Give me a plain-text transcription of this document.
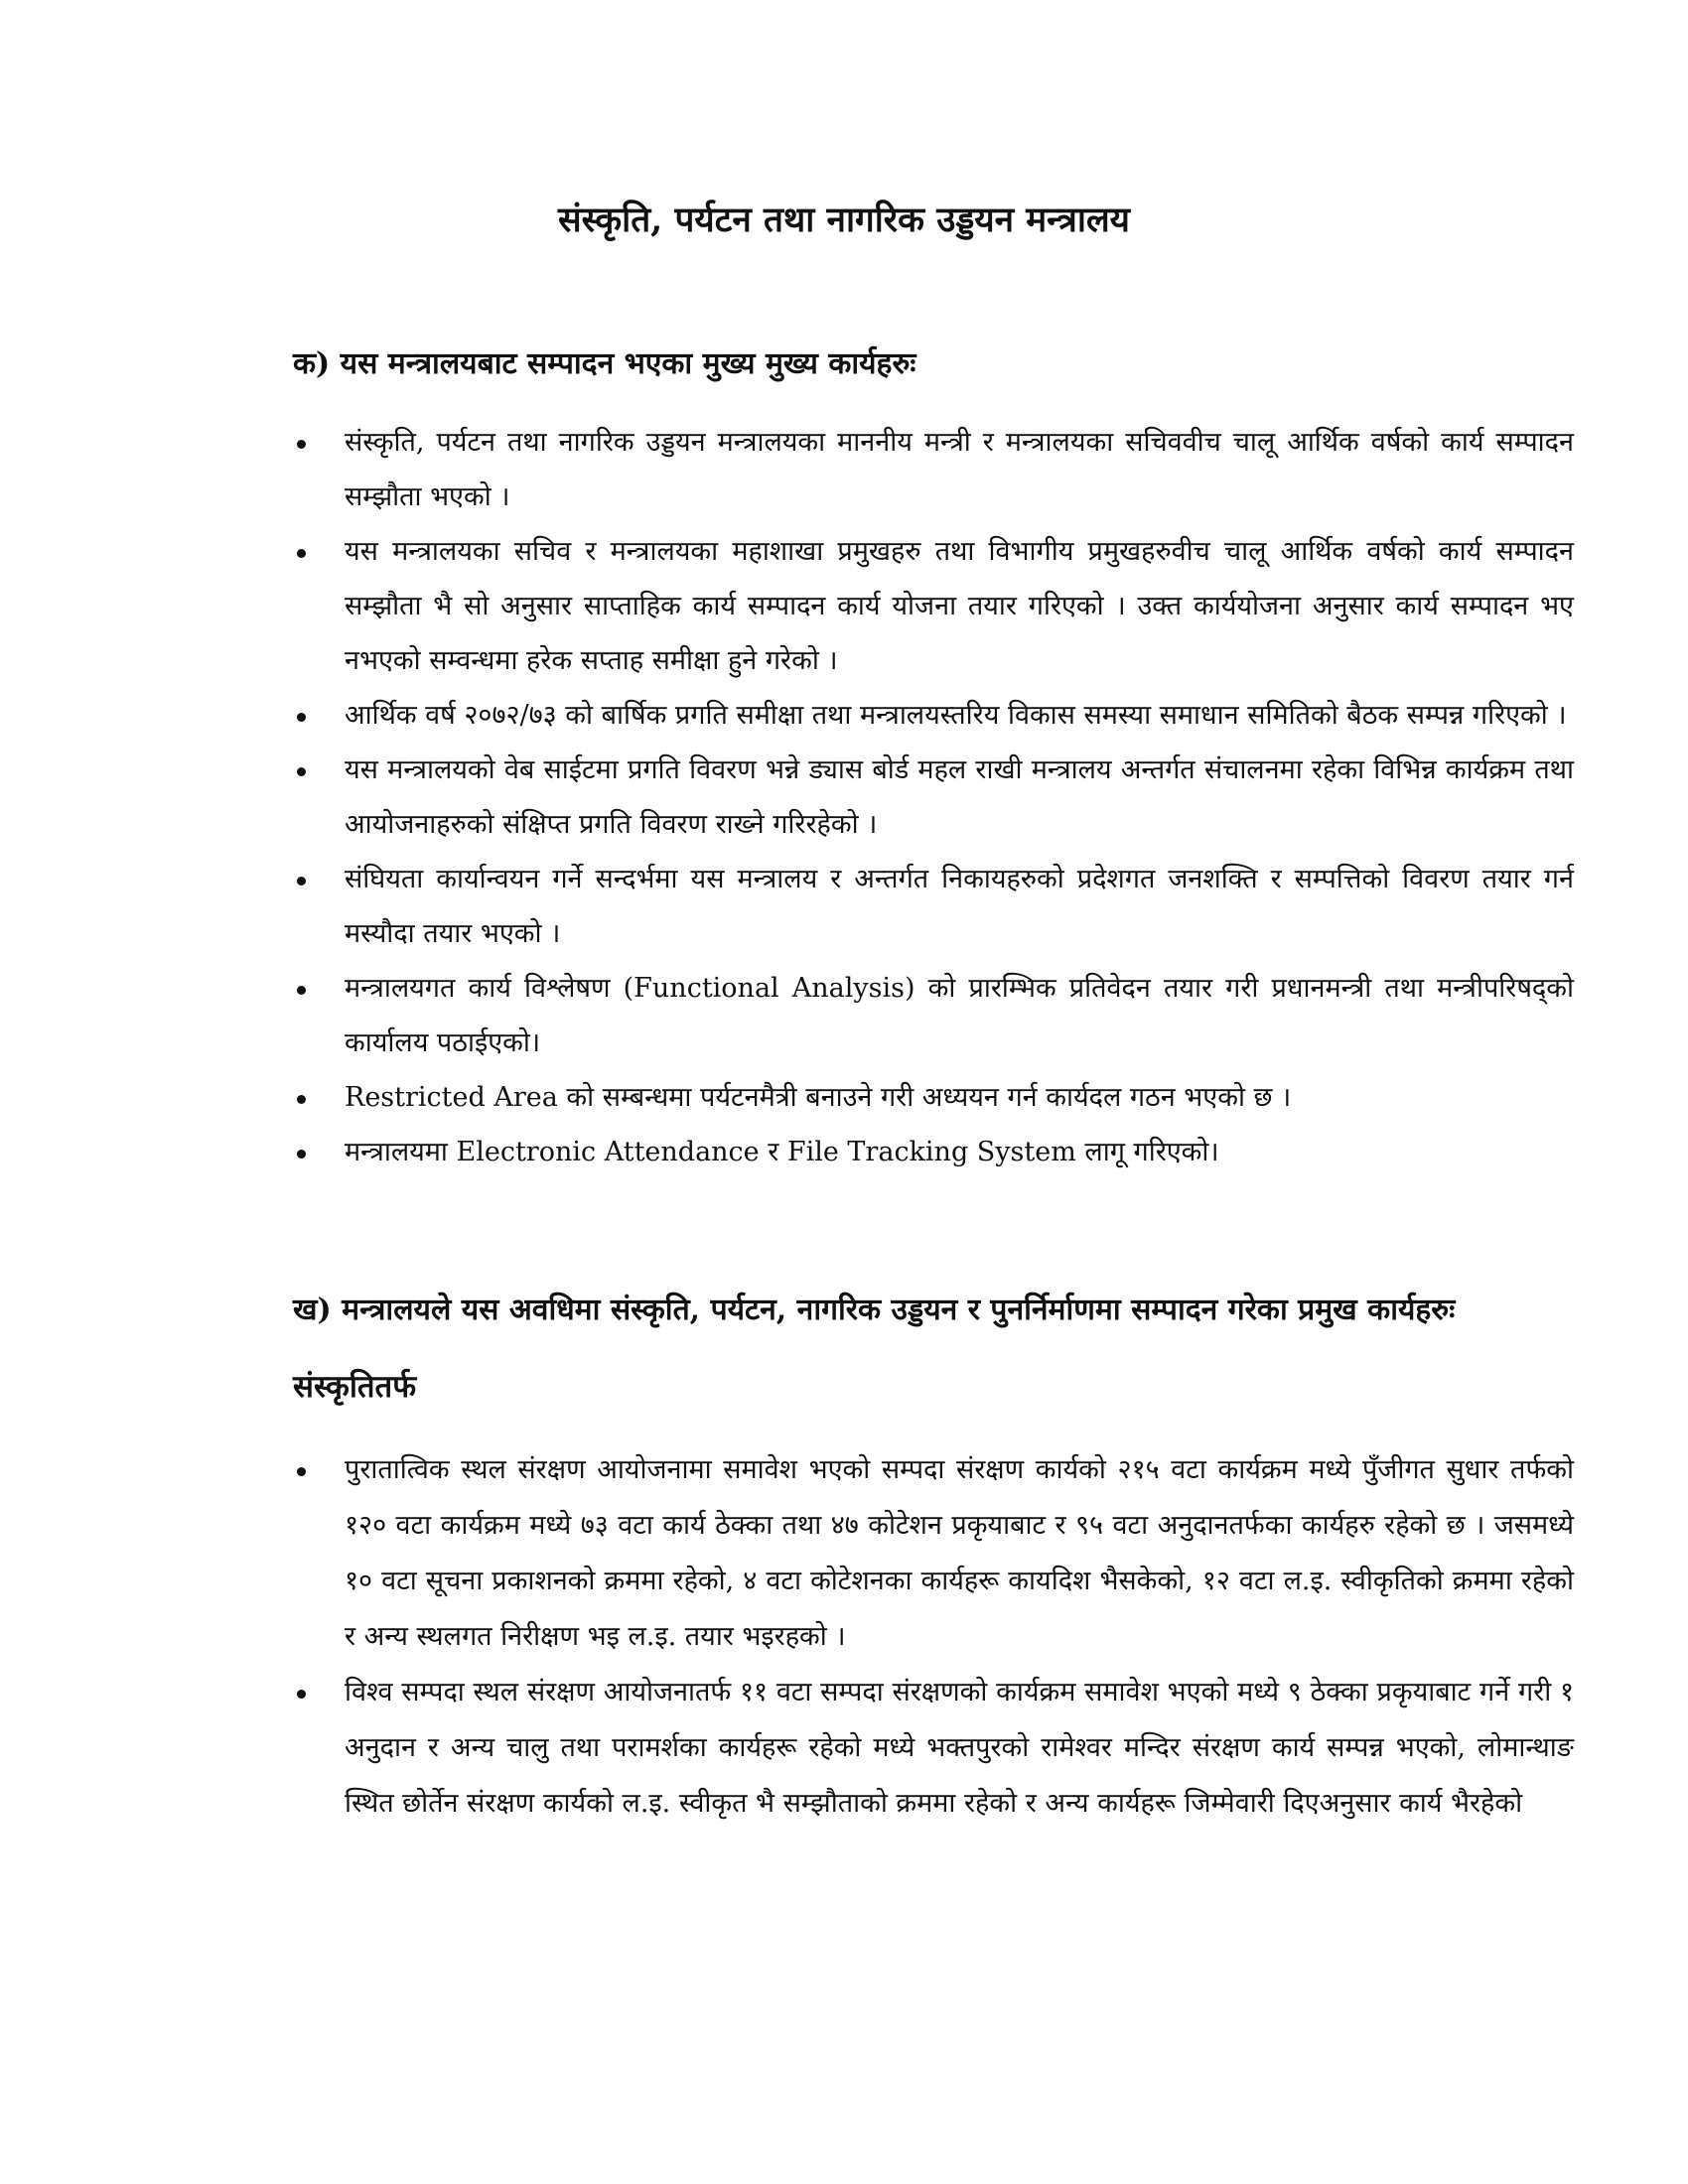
संस्कृति, पर्यटन तथा नागरिक उड्डयन मन्त्रालय
क) यस मन्त्रालयबाट सम्पादन भएका मुख्य मुख्य कार्यहरुः
संस्कृति, पर्यटन तथा नागरिक उड्डयन मन्त्रालयका माननीय मन्त्री र मन्त्रालयका सचिववीच चालू आर्थिक वर्षको कार्य सम्पादन सम्झौता भएको ।
यस मन्त्रालयका सचिव र मन्त्रालयका महाशाखा प्रमुखहरु तथा विभागीय प्रमुखहरुवीच चालू आर्थिक वर्षको कार्य सम्पादन सम्झौता भै सो अनुसार साप्ताहिक कार्य सम्पादन कार्य योजना तयार गरिएको । उक्त कार्ययोजना अनुसार कार्य सम्पादन भए नभएको सम्वन्धमा हरेक सप्ताह समीक्षा हुने गरेको ।
आर्थिक वर्ष २०७२/७३ को बार्षिक प्रगति समीक्षा तथा मन्त्रालयस्तरिय विकास समस्या समाधान समितिको बैठक सम्पन्न गरिएको ।
यस मन्त्रालयको वेब साईटमा प्रगति विवरण भन्ने ड्यास बोर्ड महल राखी मन्त्रालय अन्तर्गत संचालनमा रहेका विभिन्न कार्यक्रम तथा आयोजनाहरुको संक्षिप्त प्रगति विवरण राख्ने गरिरहेको ।
संघियता कार्यान्वयन गर्ने सन्दर्भमा यस मन्त्रालय र अन्तर्गत निकायहरुको प्रदेशगत जनशक्ति र सम्पत्तिको विवरण तयार गर्न मस्यौदा तयार भएको ।
मन्त्रालयगत कार्य विश्लेषण (Functional Analysis) को प्रारम्भिक प्रतिवेदन तयार गरी प्रधानमन्त्री तथा मन्त्रीपरिषद्को कार्यालय पठाईएको।
Restricted Area को सम्बन्धमा पर्यटनमैत्री बनाउने गरी अध्ययन गर्न कार्यदल गठन भएको छ ।
मन्त्रालयमा Electronic Attendance र File Tracking System लागू गरिएको।
ख) मन्त्रालयले यस अवधिमा संस्कृति, पर्यटन, नागरिक उड्डयन र पुनर्निर्माणमा सम्पादन गरेका प्रमुख कार्यहरुः
संस्कृतितर्फ
पुरातात्विक स्थल संरक्षण आयोजनामा समावेश भएको सम्पदा संरक्षण कार्यको २१५ वटा कार्यक्रम मध्ये पुँजीगत सुधार तर्फको १२० वटा कार्यक्रम मध्ये ७३ वटा कार्य ठेक्का तथा ४७ कोटेशन प्रकृयाबाट र ९५ वटा अनुदानतर्फका कार्यहरु रहेको छ । जसमध्ये १० वटा सूचना प्रकाशनको क्रममा रहेको, ४ वटा कोटेशनका कार्यहरू कायदिश भैसकेको, १२ वटा ल.इ. स्वीकृतिको क्रममा रहेको र अन्य स्थलगत निरीक्षण भइ ल.इ. तयार भइरहको ।
विश्व सम्पदा स्थल संरक्षण आयोजनातर्फ ११ वटा सम्पदा संरक्षणको कार्यक्रम समावेश भएको मध्ये ९ ठेक्का प्रकृयाबाट गर्ने गरी १ अनुदान र अन्य चालु तथा परामर्शका कार्यहरू रहेको मध्ये भक्तपुरको रामेश्वर मन्दिर संरक्षण कार्य सम्पन्न भएको, लोमान्थाङ स्थित छोर्तेन संरक्षण कार्यको ल.इ. स्वीकृत भै सम्झौताको क्रममा रहेको र अन्य कार्यहरू जिम्मेवारी दिएअनुसार कार्य भैरहेको
